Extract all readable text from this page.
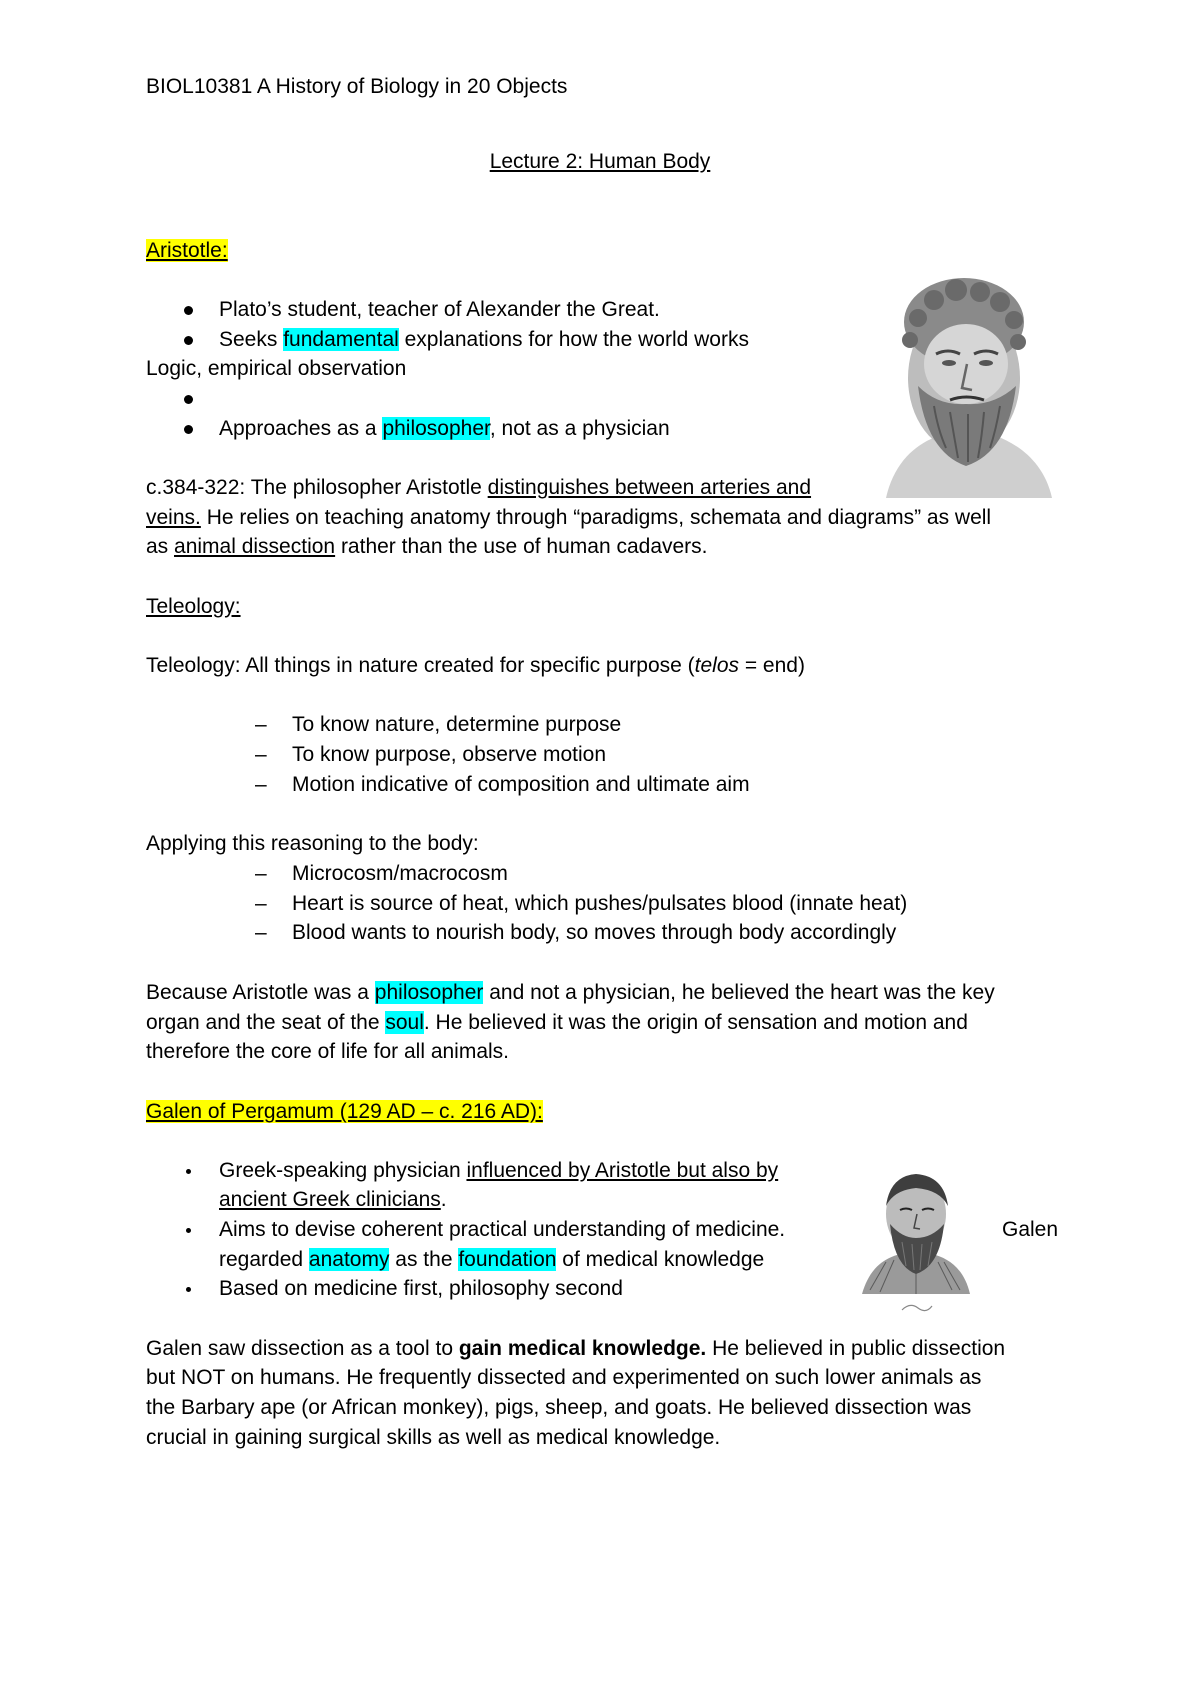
BIOL10381 A History of Biology in 20 Objects
Lecture 2: Human Body
Aristotle:
Plato’s student, teacher of Alexander the Great.
Seeks fundamental explanations for how the world works
Logic, empirical observation
Approaches as a philosopher, not as a physician
c.384-322: The philosopher Aristotle distinguishes between arteries and
veins. He relies on teaching anatomy through “paradigms, schemata and diagrams” as well
as animal dissection rather than the use of human cadavers.
Teleology:
Teleology: All things in nature created for specific purpose (telos = end)
– To know nature, determine purpose
– To know purpose, observe motion
– Motion indicative of composition and ultimate aim
Applying this reasoning to the body:
– Microcosm/macrocosm
– Heart is source of heat, which pushes/pulsates blood (innate heat)
– Blood wants to nourish body, so moves through body accordingly
Because Aristotle was a philosopher and not a physician, he believed the heart was the key
organ and the seat of the soul. He believed it was the origin of sensation and motion and
therefore the core of life for all animals.
Galen of Pergamum (129 AD – c. 216 AD):
Greek-speaking physician influenced by Aristotle but also by
ancient Greek clinicians.
Aims to devise coherent practical understanding of medicine.	Galen
regarded anatomy as the foundation of medical knowledge
Based on medicine first, philosophy second
Galen saw dissection as a tool to gain medical knowledge. He believed in public dissection
but NOT on humans. He frequently dissected and experimented on such lower animals as
the Barbary ape (or African monkey), pigs, sheep, and goats. He believed dissection was
crucial in gaining surgical skills as well as medical knowledge.
